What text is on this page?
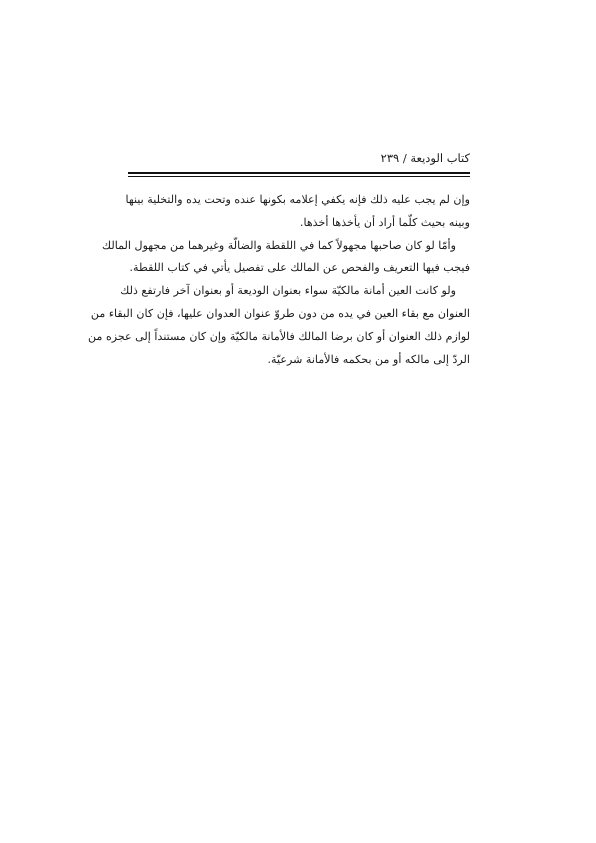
كتاب الوديعة / ٢٣٩
وإن لم يجب عليه ذلك فإنه يكفي إعلامه بكونها عنده وتحت يده والتخلية بينها
وبينه بحيث كلّما أراد أن يأخذها أخذها.
وأمّا لو كان صاحبها مجهولاً كما في اللقطة والضالّة وغيرهما من مجهول المالك
فيجب فيها التعريف والفحص عن المالك على تفصيل يأتي في كتاب اللقطة.
ولو كانت العين أمانة مالكيّة سواء بعنوان الوديعة أو بعنوان آخر فارتفع ذلك
العنوان مع بقاء العين في يده من دون طروّ عنوان العدوان عليها، فإن كان البقاء من
لوازم ذلك العنوان أو كان برضا المالك فالأمانة مالكيّة وإن كان مستنداً إلى عجزه من
الردّ إلى مالكه أو من بحكمه فالأمانة شرعيّة.
